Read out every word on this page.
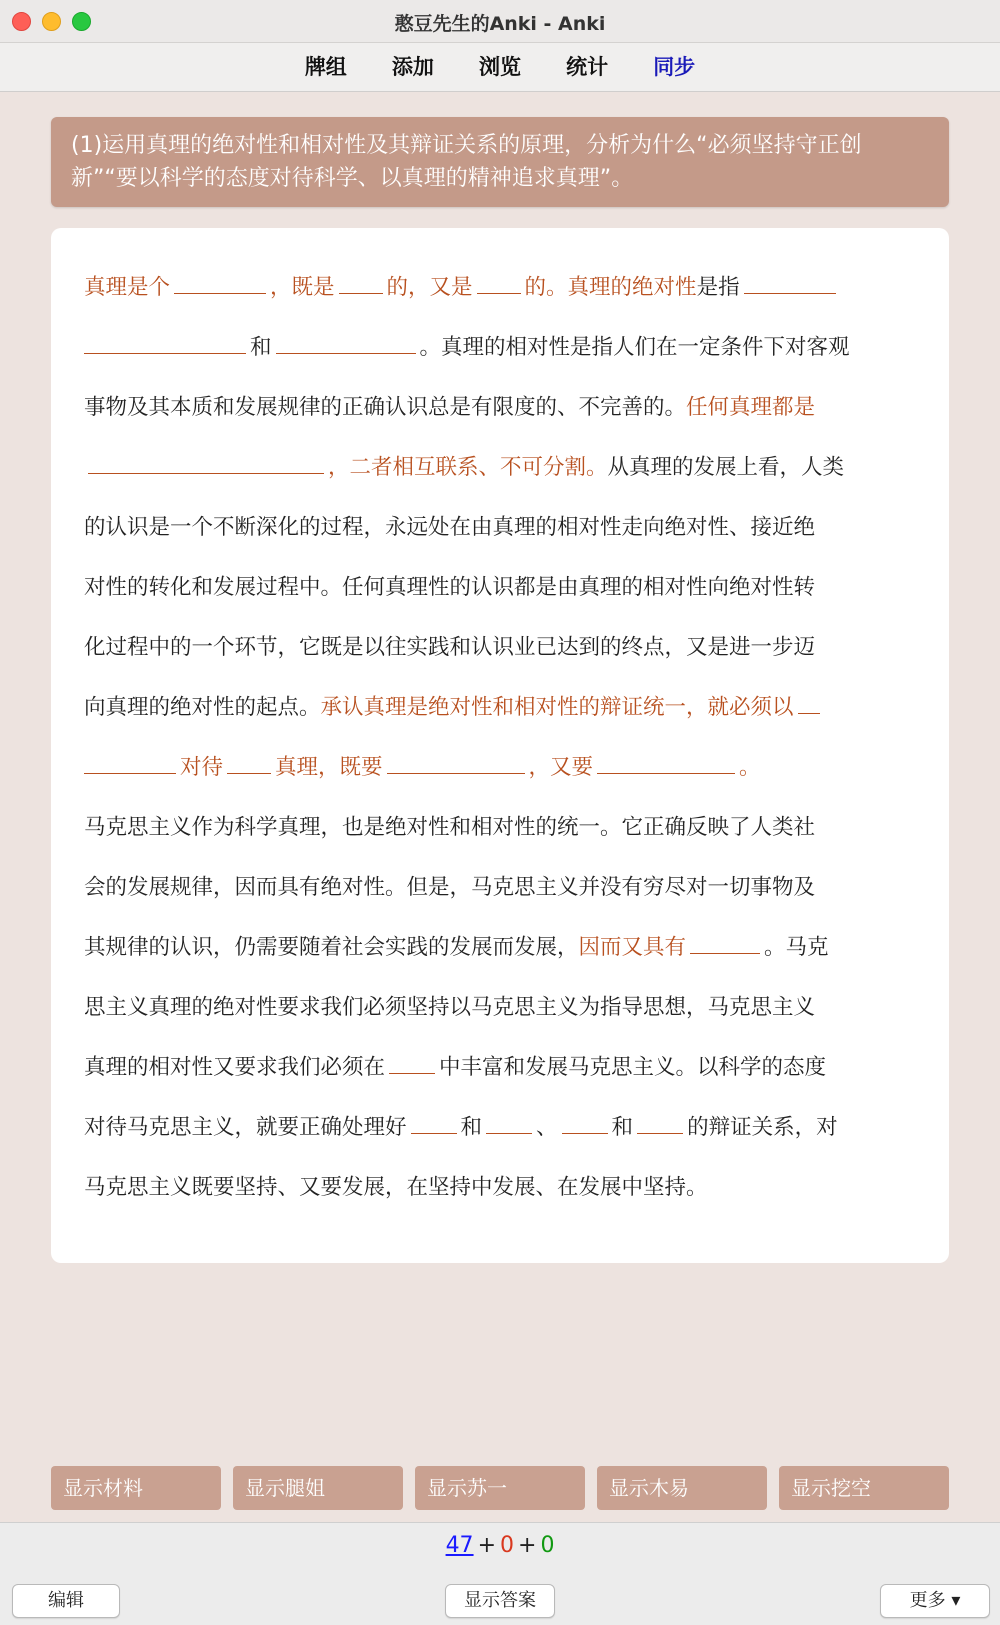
憨豆先生的Anki - Anki
牌组 添加 浏览 统计 同步
(1)运用真理的绝对性和相对性及其辩证关系的原理，分析为什么“必须坚持守正创
新”“要以科学的态度对待科学、以真理的精神追求真理”。
真理是个	，既是 的，又是 的。真理的绝对性是指
和	。真理的相对性是指人们在一定条件下对客观
事物及其本质和发展规律的正确认识总是有限度的、不完善的。任何真理都是
，二者相互联系、不可分割。从真理的发展上看，人类
的认识是一个不断深化的过程，永远处在由真理的相对性走向绝对性、接近绝
对性的转化和发展过程中。任何真理性的认识都是由真理的相对性向绝对性转
化过程中的一个环节，它既是以往实践和认识业已达到的终点，又是进一步迈
向真理的绝对性的起点。承认真理是绝对性和相对性的辩证统一，就必须以
对待 真理，既要	，又要	。
马克思主义作为科学真理，也是绝对性和相对性的统一。它正确反映了人类社
会的发展规律，因而具有绝对性。但是，马克思主义并没有穷尽对一切事物及
其规律的认识，仍需要随着社会实践的发展而发展，因而又具有	。马克
思主义真理的绝对性要求我们必须坚持以马克思主义为指导思想，马克思主义
真理的相对性又要求我们必须在	中丰富和发展马克思主义。以科学的态度
对待马克思主义，就要正确处理好	和	、	和	的辩证关系，对
马克思主义既要坚持、又要发展，在坚持中发展、在发展中坚持。
显示材料	显示腿姐	显示苏一	显示木易	显示挖空
47 + 0 + 0
编辑	显示答案	更多 ▾
